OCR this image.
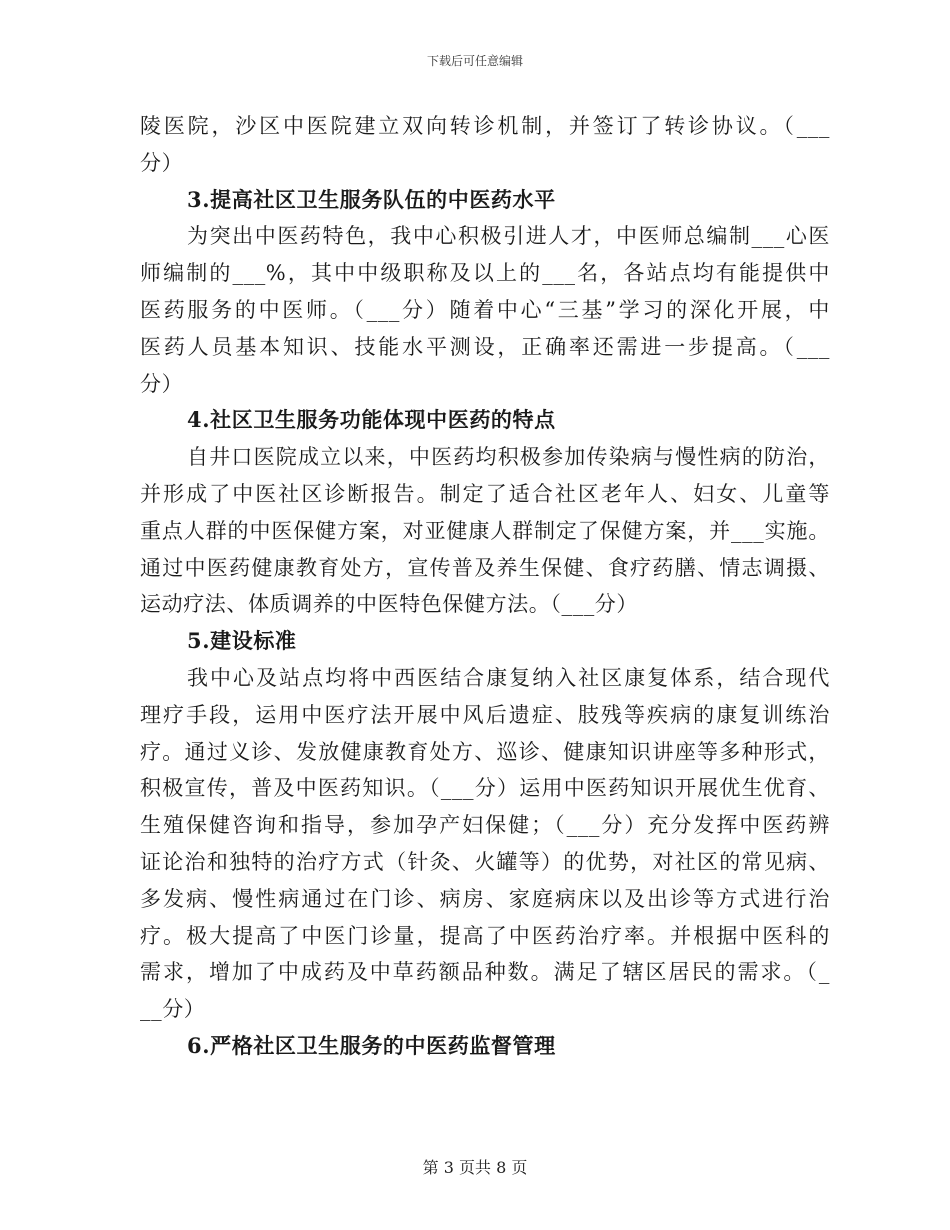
下载后可任意编辑
陵医院，沙区中医院建立双向转诊机制，并签订了转诊协议。（___
分）
3.提高社区卫生服务队伍的中医药水平
为突出中医药特色，我中心积极引进人才，中医师总编制___心医
师编制的___%，其中中级职称及以上的___名，各站点均有能提供中
医药服务的中医师。（___分）随着中心“三基”学习的深化开展，中
医药人员基本知识、技能水平测设，正确率还需进一步提高。（___
分）
4.社区卫生服务功能体现中医药的特点
自井口医院成立以来，中医药均积极参加传染病与慢性病的防治，
并形成了中医社区诊断报告。制定了适合社区老年人、妇女、儿童等
重点人群的中医保健方案，对亚健康人群制定了保健方案，并___实施。
通过中医药健康教育处方，宣传普及养生保健、食疗药膳、情志调摄、
运动疗法、体质调养的中医特色保健方法。（___分）
5.建设标准
我中心及站点均将中西医结合康复纳入社区康复体系，结合现代
理疗手段，运用中医疗法开展中风后遗症、肢残等疾病的康复训练治
疗。通过义诊、发放健康教育处方、巡诊、健康知识讲座等多种形式，
积极宣传，普及中医药知识。（___分）运用中医药知识开展优生优育、
生殖保健咨询和指导，参加孕产妇保健；（___分）充分发挥中医药辨
证论治和独特的治疗方式（针灸、火罐等）的优势，对社区的常见病、
多发病、慢性病通过在门诊、病房、家庭病床以及出诊等方式进行治
疗。极大提高了中医门诊量，提高了中医药治疗率。并根据中医科的
需求，增加了中成药及中草药额品种数。满足了辖区居民的需求。（_
__分）
6.严格社区卫生服务的中医药监督管理
第 3 页共 8 页
